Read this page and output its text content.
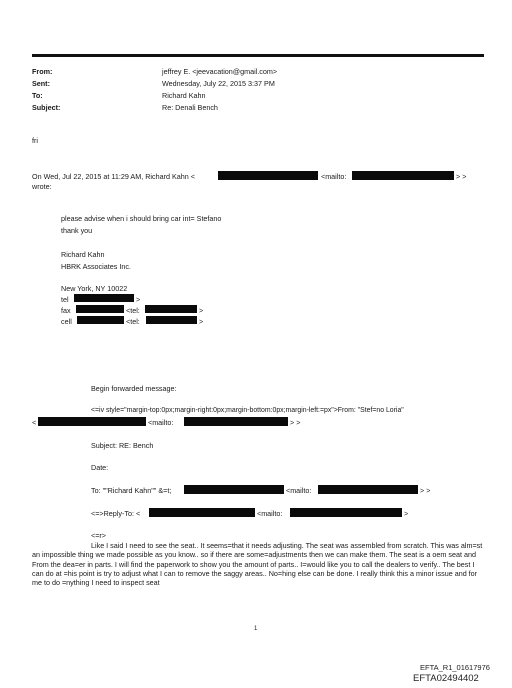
From:	jeffrey E. <jeevacation@gmail.com>
Sent:	Wednesday, July 22, 2015 3:37 PM
To:	Richard Kahn
Subject:	Re: Denali Bench
fri
On Wed, Jul 22, 2015 at 11:29 AM, Richard Kahn <	<mailto:	> >
wrote:
please advise when i should bring car int= Stefano
thank you
Richard Kahn
HBRK Associates Inc.
New York, NY 10022
tel	>
fax	<tel:	>
cell	<tel:	>
Begin forwarded message:
<=iv style="margin-top:0px;margin-right:0px;margin-bottom:0px;margin-left:=px">From: "Stef=no Loria"
<	<mailto:	> >
Subject: RE: Bench
Date:
To: ""Richard Kahn"" &=t;	<mailto:	> >
<=>Reply-To: <	<mailto:	>
<=r>
Like I said I need to see the seat.. It seems=that it needs adjusting. The seat was assembled from scratch. This was alm=st an impossible thing we made possible as you know.. so if there are some=adjustments then we can make them. The seat is a oem seat and From the dea=er in parts. I will find the paperwork to show you the amount of parts.. I=would like you to call the dealers to verify.. The best I can do at =his point is try to adjust what I can to remove the saggy areas.. No=hing else can be done. I really think this a minor issue and for me to do =nything I need to inspect seat
1
EFTA_R1_01617976
EFTA02494402
